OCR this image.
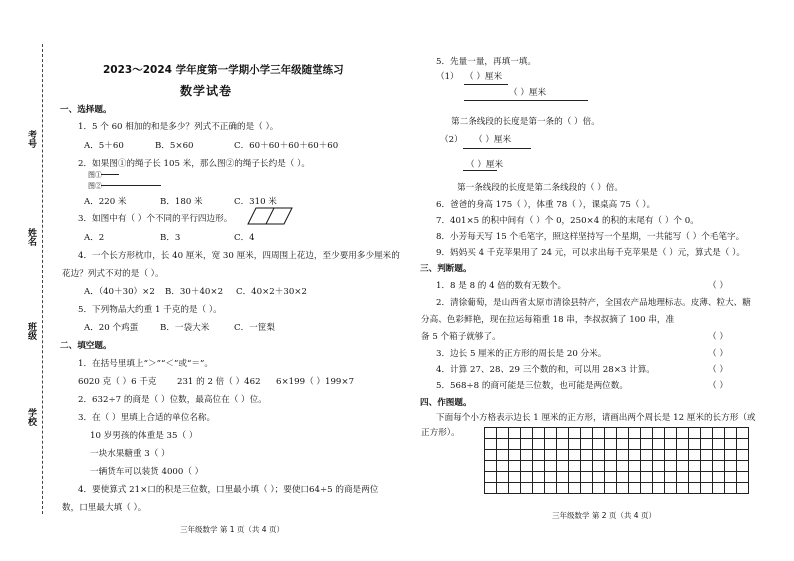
考号
姓名
班级
学校
2023～2024 学年度第一学期小学三年级随堂练习
数学试卷
一、选择题。
1．5 个 60 相加的和是多少？列式不正确的是（ ）。
A．5＋60	B．5×60	C．60＋60＋60＋60＋60
2．如果图①的绳子长 105 米，那么图②的绳子长约是（ ）。
图①
图②
A．220 米	B．180 米	C．310 米
3．如图中有（ ）个不同的平行四边形。
A．2	B．3	C．4
4．一个长方形枕巾，长 40 厘米，宽 30 厘米，四周围上花边，至少要用多少厘米的
花边？列式不对的是（ ）。
A．（40＋30）×2 B．30＋40×2 C．40×2＋30×2
5．下列物品大约重 1 千克的是（ ）。
A．20 个鸡蛋	B．一袋大米	C．一筐梨
二、填空题。
1．在括号里填上“＞”“＜”或“＝”。
6020 克（ ）6 千克 231 的 2 倍（ ）462 6×199（ ）199×7
2．632÷7 的商是（ ）位数，最高位在（ ）位。
3．在（ ）里填上合适的单位名称。
10 岁男孩的体重是 35（ ）
一块水果糖重 3（ ）
一辆货车可以装货 4000（ ）
4．要使算式 21×口的积是三位数，口里最小填（ ）；要使口64÷5 的商是两位
数，口里最大填（ ）。
三年级数学 第 1 页（共 4 页）
5．先量一量，再填一填。
（1） （ ）厘米
（ ）厘米
第二条线段的长度是第一条的（ ）倍。
（2） （ ）厘米
（ ）厘米
第一条线段的长度是第二条线段的（ ）倍。
6．爸爸的身高 175（ ），体重 78（ ），课桌高 75（ ）。
7．401×5 的积中间有（ ）个 0，250×4 的积的末尾有（ ）个 0。
8．小芳每天写 15 个毛笔字，照这样坚持写一个星期，一共能写（ ）个毛笔字。
9．妈妈买 4 千克苹果用了 24 元，可以求出每千克苹果是（ ）元，算式是（ ）。
三、判断题。
1．8 是 8 的 4 倍的数有无数个。	（ ）
2．清徐葡萄，是山西省太原市清徐县特产，全国农产品地理标志。皮薄、粒大、糖
分高、色彩鲜艳，现在拉运每箱重 18 串，李叔叔摘了 100 串，准
备 5 个箱子就够了。	（ ）
3．边长 5 厘米的正方形的周长是 20 分米。	（ ）
4．计算 27、28、29 三个数的和，可以用 28×3 计算。	（ ）
5．568÷8 的商可能是三位数，也可能是两位数。	（ ）
四、作图题。
下面每个小方格表示边长 1 厘米的正方形，请画出两个周长是 12 厘米的长方形（或
正方形）。
三年级数学 第 2 页（共 4 页）
